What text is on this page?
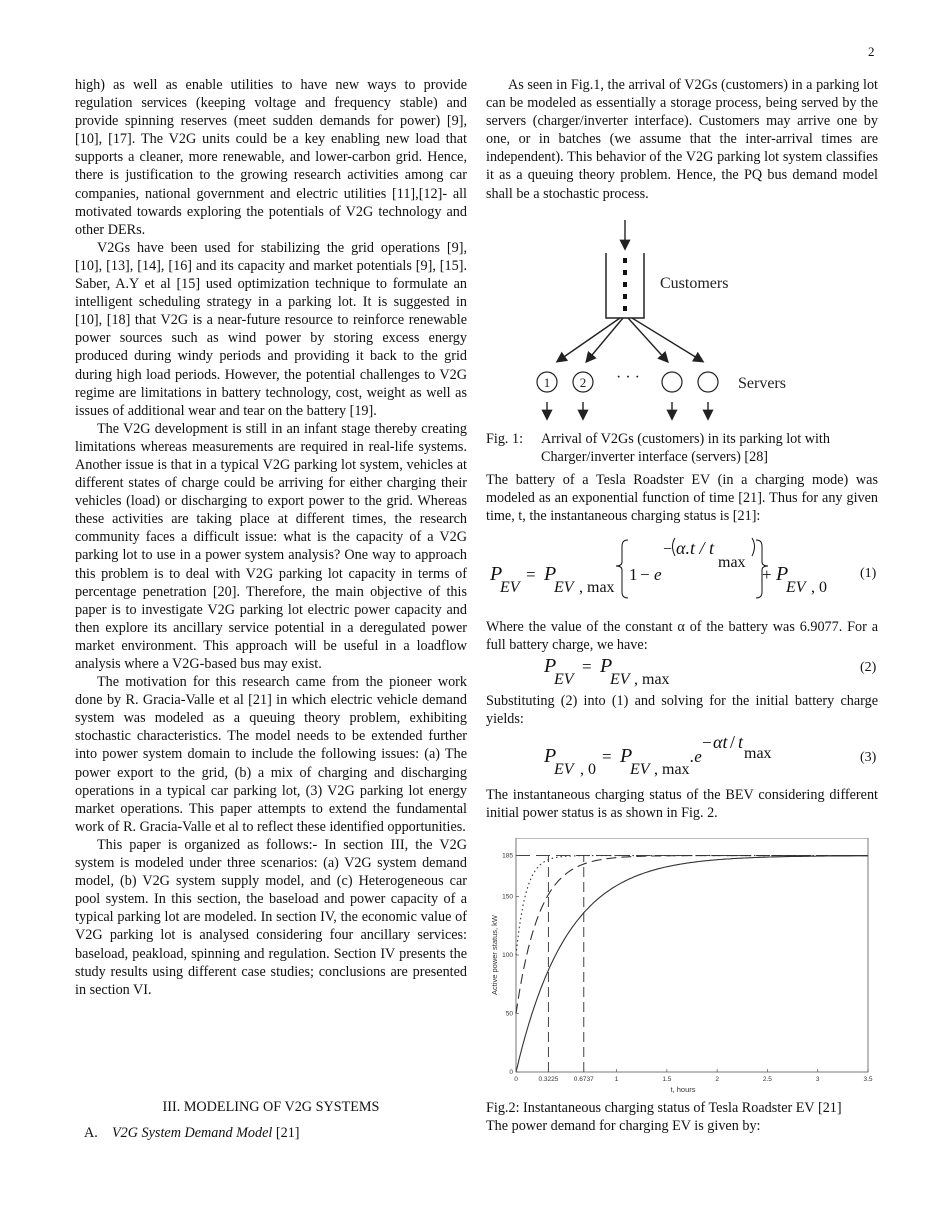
2

high) as well as enable utilities to have new ways to provide regulation services (keeping voltage and frequency stable) and provide spinning reserves (meet sudden demands for power) [9], [10], [17]. The V2G units could be a key enabling new load that supports a cleaner, more renewable, and lower-carbon grid. Hence, there is justification to the growing research activities among car companies, national government and electric utilities [11],[12]- all motivated towards exploring the potentials of V2G technology and other DERs.

V2Gs have been used for stabilizing the grid operations [9], [10], [13], [14], [16] and its capacity and market potentials [9], [15]. Saber, A.Y et al [15] used optimization technique to formulate an intelligent scheduling strategy in a parking lot. It is suggested in [10], [18] that V2G is a near-future resource to reinforce renewable power sources such as wind power by storing excess energy produced during windy periods and providing it back to the grid during high load periods. However, the potential challenges to V2G regime are limitations in battery technology, cost, weight as well as issues of additional wear and tear on the battery [19].

The V2G development is still in an infant stage thereby creating limitations whereas measurements are required in real-life systems. Another issue is that in a typical V2G parking lot system, vehicles at different states of charge could be arriving for either charging their vehicles (load) or discharging to export power to the grid. Whereas these activities are taking place at different times, the research community faces a difficult issue: what is the capacity of a V2G parking lot to use in a power system analysis? One way to approach this problem is to deal with V2G parking lot capacity in terms of percentage penetration [20]. Therefore, the main objective of this paper is to investigate V2G parking lot electric power capacity and then explore its ancillary service potential in a deregulated power market environment. This approach will be useful in a loadflow analysis where a V2G-based bus may exist.

The motivation for this research came from the pioneer work done by R. Gracia-Valle et al [21] in which electric vehicle demand system was modeled as a queuing theory problem, exhibiting stochastic characteristics. The model needs to be extended further into power system domain to include the following issues: (a) The power export to the grid, (b) a mix of charging and discharging operations in a typical car parking lot, (3) V2G parking lot energy market operations. This paper attempts to extend the fundamental work of R. Gracia-Valle et al to reflect these identified opportunities.

This paper is organized as follows:- In section III, the V2G system is modeled under three scenarios: (a) V2G system demand model, (b) V2G system supply model, and (c) Heterogeneous car pool system. In this section, the baseload and power capacity of a typical parking lot are modeled. In section IV, the economic value of V2G parking lot is analysed considering four ancillary services: baseload, peakload, spinning and regulation. Section IV presents the study results using different case studies; conclusions are presented in section VI.

III. MODELING OF V2G SYSTEMS
A. V2G System Demand Model [21]

As seen in Fig.1, the arrival of V2Gs (customers) in a parking lot can be modeled as essentially a storage process, being served by the servers (charger/inverter interface). Customers may arrive one by one, or in batches (we assume that the inter-arrival times are independent). This behavior of the V2G parking lot system classifies it as a queuing theory problem. Hence, the PQ bus demand model shall be a stochastic process.

Customers
1 2 · · ·	Servers
Fig. 1: Arrival of V2Gs (customers) in its parking lot with
Charger/inverter interface (servers) [28]
The battery of a Tesla Roadster EV (in a charging mode) was modeled as an exponential function of time [21]. Thus for any given time, t, the instantaneous charging status is [21]:
P
EV
= P
EV , max
1 − e
− α.t / t
max
+ P
EV , 0
(1)
Where the value of the constant α of the battery was 6.9077. For a full battery charge, we have:
P
EV
= P
EV , max
(2)
Substituting (2) into (1) and solving for the initial battery charge yields:
P
EV , 0
= P
EV , max
.e
− αt / t
max	(3)
The instantaneous charging status of the BEV considering different initial power status is as shown in Fig. 2.
0	0.3225 0.6737	1	1.5	2	2.5	3	3.5
0
50
100
150
185
t, hours
Active power status, kW
Fig.2: Instantaneous charging status of Tesla Roadster EV [21]
The power demand for charging EV is given by:
